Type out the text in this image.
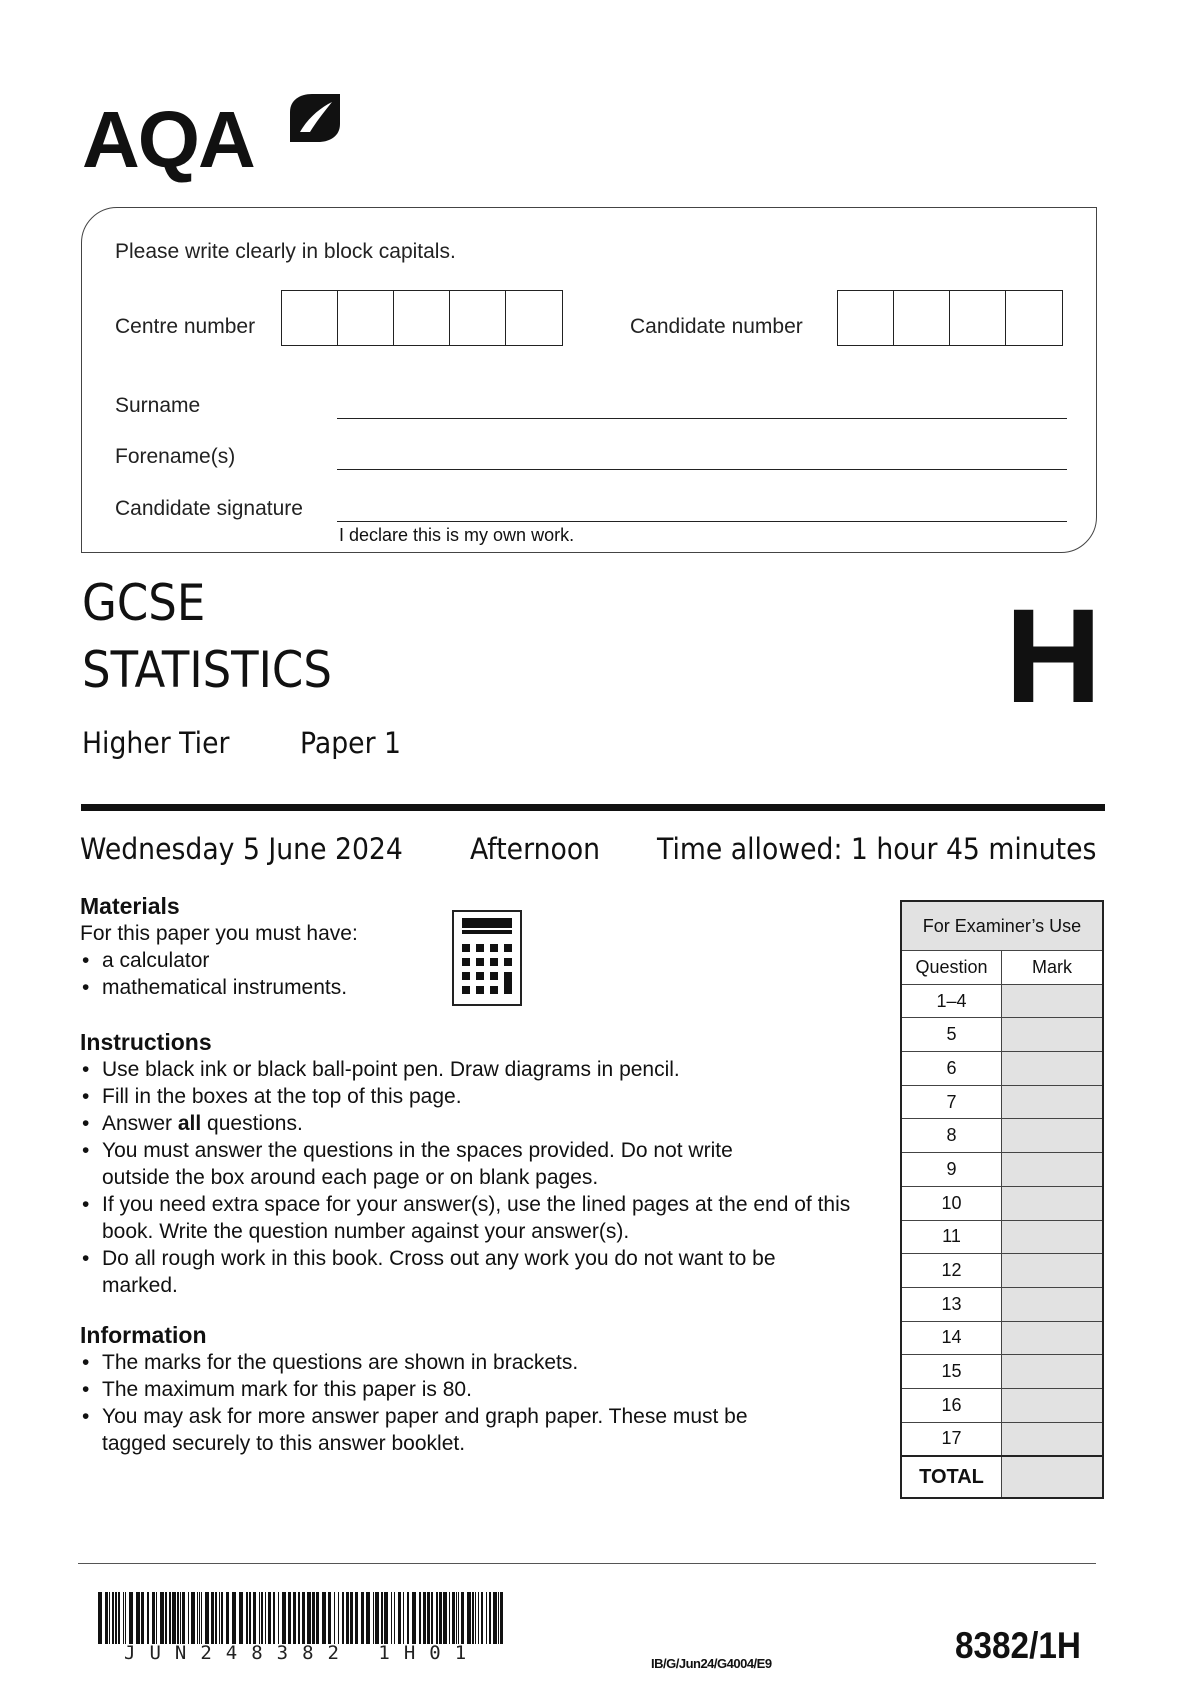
AQA
Please write clearly in block capitals.
Centre number	Candidate number
Surname
Forename(s)
Candidate signature
I declare this is my own work.
GCSE
STATISTICS
Higher Tier Paper 1
H
Wednesday 5 June 2024 Afternoon Time allowed: 1 hour 45 minutes
Materials
For this paper you must have:
• a calculator
• mathematical instruments.
Instructions
• Use black ink or black ball-point pen. Draw diagrams in pencil.
• Fill in the boxes at the top of this page.
• Answer all questions.
• You must answer the questions in the spaces provided. Do not write outside the box around each page or on blank pages.
• If you need extra space for your answer(s), use the lined pages at the end of this book. Write the question number against your answer(s).
• Do all rough work in this book. Cross out any work you do not want to be marked.
Information
• The marks for the questions are shown in brackets.
• The maximum mark for this paper is 80.
• You may ask for more answer paper and graph paper. These must be tagged securely to this answer booklet.
For Examiner’s Use	
Question	Mark
1–4	
5	
6	
7	
8	
9	
10	
11	
12	
13	
14	
15	
16	
17	
TOTAL	
JUN248382 1H01	IB/G/Jun24/G4004/E9	8382/1H
